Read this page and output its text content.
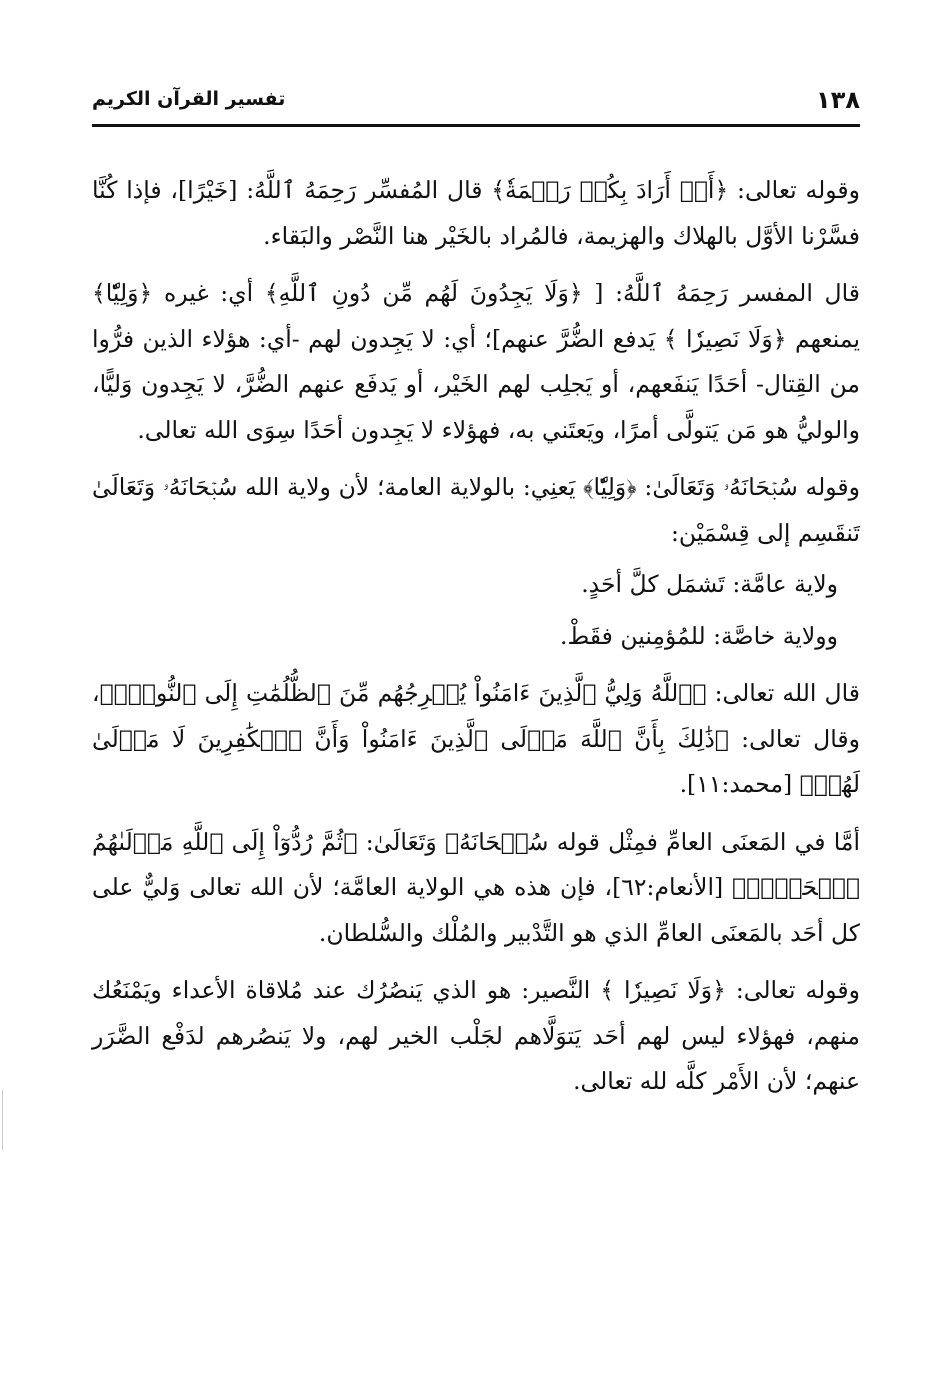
١٣٨
تفسير القرآن الكريم

وقوله تعالى: ﴿أَوۡ أَرَادَ بِكُمۡ رَحۡمَةٗ﴾ قال المُفسِّر رَحِمَهُ ٱللَّهُ: [خَيْرًا]، فإذا كُنَّا فسَّرْنا الأوَّل بالهلاك والهزيمة، فالمُراد بالخَيْر هنا النَّصْر والبَقاء.

قال المفسر رَحِمَهُ ٱللَّهُ: [ ﴿وَلَا يَجِدُونَ لَهُم مِّن دُونِ ٱللَّهِ﴾ أي: غيره ﴿وَلِيّٗا﴾ يمنعهم ﴿وَلَا نَصِيرٗا ﴾ يَدفع الضُّرَّ عنهم]؛ أي: لا يَجِدون لهم -أي: هؤلاء الذين فرُّوا من القِتال- أحَدًا يَنفَعهم، أو يَجلِب لهم الخَيْر، أو يَدفَع عنهم الضُّرَّ، لا يَجِدون وَليًّا، والوليُّ هو مَن يَتولَّى أمرًا، ويَعتَني به، فهؤلاء لا يَجِدون أحَدًا سِوَى الله تعالى.

وقوله سُبۡحَانَهُۥ وَتَعَالَىٰ: ﴿وَلِيّٗا﴾ يَعنِي: بالولاية العامة؛ لأن ولاية الله سُبۡحَانَهُۥ وَتَعَالَىٰ تَنقَسِم إلى قِسْمَيْن:

ولاية عامَّة: تَشمَل كلَّ أحَدٍ.

وولاية خاصَّة: للمُؤمِنين فقَطْ.

قال الله تعالى: ﴿ٱللَّهُ وَلِيُّ ٱلَّذِينَ ءَامَنُواْ يُخۡرِجُهُم مِّنَ ٱلظُّلُمَٰتِ إِلَى ٱلنُّورِۖ﴾، وقال تعالى: ﴿ذَٰلِكَ بِأَنَّ ٱللَّهَ مَوۡلَى ٱلَّذِينَ ءَامَنُواْ وَأَنَّ ٱلۡكَٰفِرِينَ لَا مَوۡلَىٰ لَهُمۡ﴾ [محمد:١١].

أمَّا في المَعنَى العامِّ فمِثْل قوله سُبۡحَانَهُۥ وَتَعَالَىٰ: ﴿ثُمَّ رُدُّوٓاْ إِلَى ٱللَّهِ مَوۡلَىٰهُمُ ٱلۡحَقِّۚ﴾ [الأنعام:٦٢]، فإن هذه هي الولاية العامَّة؛ لأن الله تعالى وَليٌّ على كل أحَد بالمَعنَى العامِّ الذي هو التَّدْبير والمُلْك والسُّلطان.

وقوله تعالى: ﴿وَلَا نَصِيرٗا ﴾ النَّصير: هو الذي يَنصُرُك عند مُلاقاة الأعداء ويَمْنَعُك منهم، فهؤلاء ليس لهم أحَد يَتوَلَّاهم لجَلْب الخير لهم، ولا يَنصُرهم لدَفْع الضَّرَر عنهم؛ لأن الأَمْر كلَّه لله تعالى.
